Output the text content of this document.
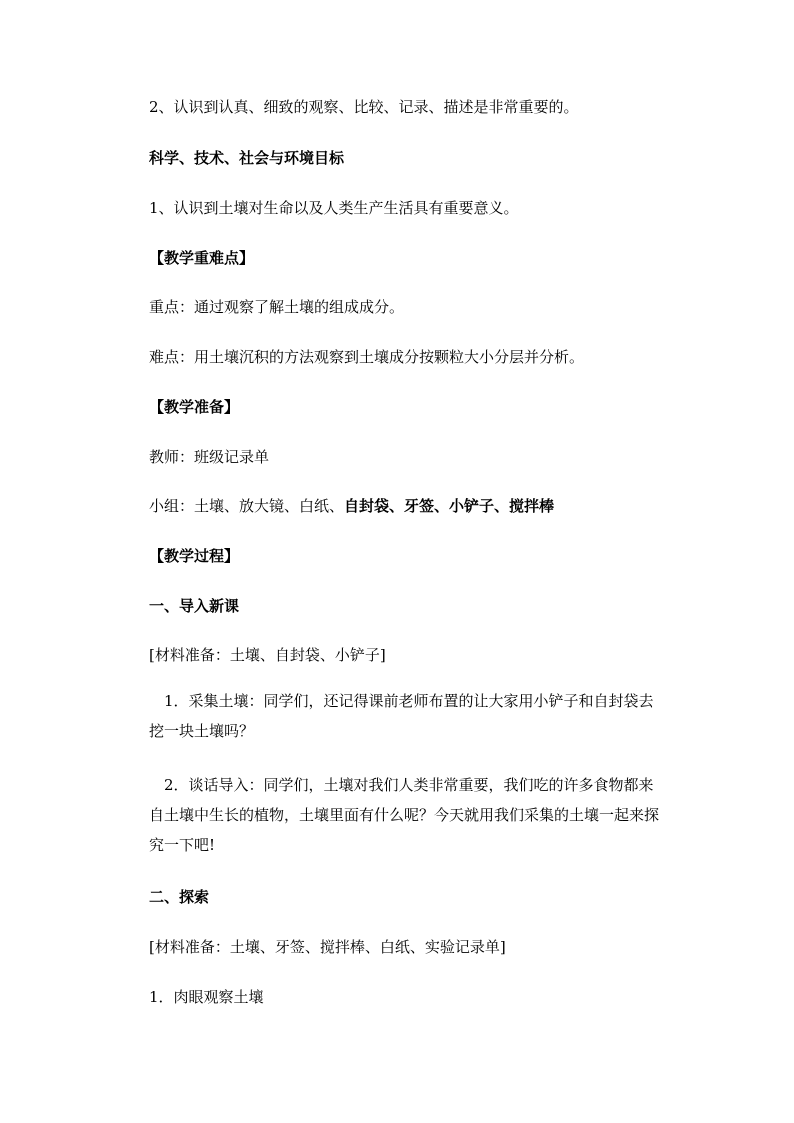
2、认识到认真、细致的观察、比较、记录、描述是非常重要的。
科学、技术、社会与环境目标
1、认识到土壤对生命以及人类生产生活具有重要意义。
【教学重难点】
重点：通过观察了解土壤的组成成分。
难点：用土壤沉积的方法观察到土壤成分按颗粒大小分层并分析。
【教学准备】
教师：班级记录单
小组：土壤、放大镜、白纸、自封袋、牙签、小铲子、搅拌棒
【教学过程】
一、导入新课
[材料准备：土壤、自封袋、小铲子]
1．采集土壤：同学们，还记得课前老师布置的让大家用小铲子和自封袋去
挖一块土壤吗？
2．谈话导入：同学们，土壤对我们人类非常重要，我们吃的许多食物都来
自土壤中生长的植物，土壤里面有什么呢？今天就用我们采集的土壤一起来探
究一下吧!
二、探索
[材料准备：土壤、牙签、搅拌棒、白纸、实验记录单]
1．肉眼观察土壤
